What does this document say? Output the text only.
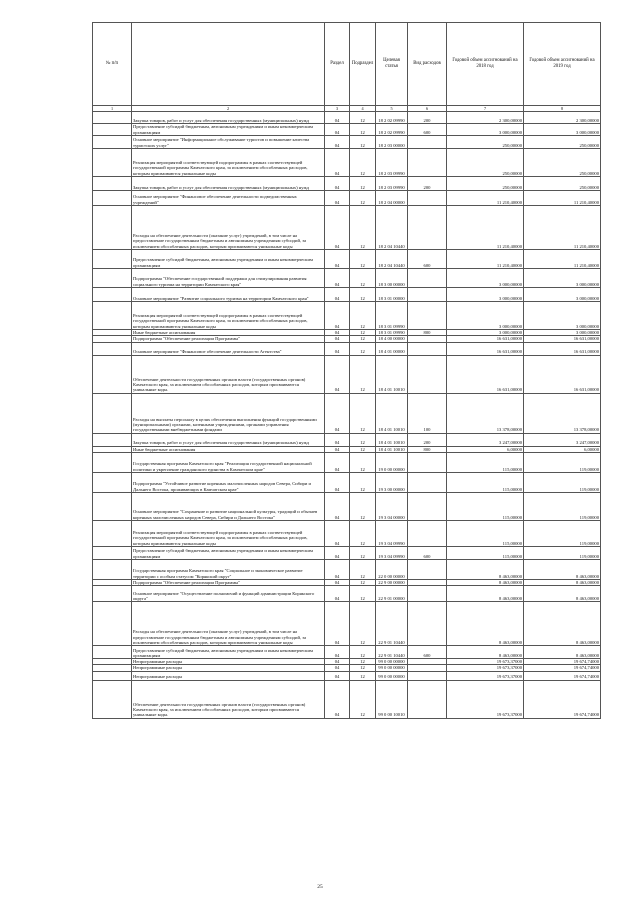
№ п/п		Раздел	Подраздел	Целевая статья	Вид расходов	Годовой объем ассигнований на 2018 год	Годовой объем ассигнований на 2019 год
1	2	3	4	5	6	7	8
	Закупка товаров, работ и услуг для обеспечения государственных (муниципальных) нужд	04	12	18 2 02 09990	200	2 300,00000	2 300,00000
	Предоставление субсидий бюджетным, автономным учреждениям и иным некоммерческим организациям	04	12	18 2 02 09990	600	3 000,00000	3 000,00000
	Основное мероприятие "Информационное обслуживание туристов и повышение качества туристских услуг"	04	12	18 2 03 00000		250,00000	250,00000
	Реализация мероприятий соответствующей подпрограммы в рамках соответствующей государственной программы Камчатского края, за исключением обособленных расходов, которым присваиваются уникальные коды	04	12	18 2 03 09990		250,00000	250,00000
	Закупка товаров, работ и услуг для обеспечения государственных (муниципальных) нужд	04	12	18 2 03 09990	200	250,00000	250,00000
	Основное мероприятие "Финансовое обеспечение деятельности подведомственных учреждений"	04	12	18 2 04 00000		11 210,40000	11 210,40000
	Расходы на обеспечение деятельности (оказание услуг) учреждений, в том числе на предоставление государственным бюджетным и автономным учреждениям субсидий, за исключением обособленных расходов, которым присваиваются уникальные коды	04	12	18 2 04 10440		11 210,40000	11 210,40000
	Предоставление субсидий бюджетным, автономным учреждениям и иным некоммерческим организациям	04	12	18 2 04 10440	600	11 210,40000	11 210,40000
	Подпрограмма "Обеспечение государственной поддержки для стимулирования развития социального туризма на территории Камчатского края"	04	12	18 3 00 00000		3 000,00000	3 000,00000
	Основное мероприятие "Развитие социального туризма на территории Камчатского края"	04	12	18 3 01 00000		3 000,00000	3 000,00000
	Реализация мероприятий соответствующей подпрограммы в рамках соответствующей государственной программы Камчатского края, за исключением обособленных расходов, которым присваиваются уникальные коды	04	12	18 3 01 09990		3 000,00000	3 000,00000
	Иные бюджетные ассигнования	04	12	18 3 01 09990	800	3 000,00000	3 000,00000
	Подпрограмма "Обеспечение реализации Программы"	04	12	18 4 00 00000		16 631,00000	16 631,00000
	Основное мероприятие "Финансовое обеспечение деятельности Агентства"	04	12	18 4 01 00000		16 631,00000	16 631,00000
	Обеспечение деятельности государственных органов власти (государственных органов) Камчатского края, за исключением обособленных расходов, которым присваиваются уникальные коды.	04	12	18 4 01 10010		16 631,00000	16 631,00000
	Расходы на выплаты персоналу в целях обеспечения выполнения функций государственными (муниципальными) органами, казенными учреждениями, органами управления государственными внебюджетными фондами	04	12	18 4 01 10010	100	13 378,00000	13 378,00000
	Закупка товаров, работ и услуг для обеспечения государственных (муниципальных) нужд	04	12	18 4 01 10010	200	3 247,00000	3 247,00000
	Иные бюджетные ассигнования	04	12	18 4 01 10010	800	6,00000	6,00000
	Государственная программа Камчатского края "Реализация государственной национальной политики и укрепление гражданского единства в Камчатском крае"	04	12	19 0 00 00000		115,00000	119,00000
	Подпрограмма "Устойчивое развитие коренных малочисленных народов Севера, Сибири и Дальнего Востока, проживающих в Камчатском крае"	04	12	19 3 00 00000		115,00000	119,00000
	Основное мероприятие "Сохранение и развитие национальной культуры, традиций и обычаев коренных малочисленных народов Севера, Сибири и Дальнего Востока"	04	12	19 3 04 00000		115,00000	119,00000
	Реализация мероприятий соответствующей подпрограммы в рамках соответствующей государственной программы Камчатского края, за исключением обособленных расходов, которым присваиваются уникальные коды	04	12	19 3 04 09990		115,00000	119,00000
	Предоставление субсидий бюджетным, автономным учреждениям и иным некоммерческим организациям	04	12	19 3 04 09990	600	115,00000	119,00000
	Государственная программа Камчатского края "Социальное и экономическое развитие территории с особым статусом "Корякский округ"	04	12	22 0 00 00000		8 463,00000	8 463,00000
	Подпрограмма "Обеспечение реализации Программы"	04	12	22 9 00 00000		8 463,00000	8 463,00000
	Основное мероприятие "Осуществление полномочий и функций администрации Корякского округа"	04	12	22 9 01 00000		8 463,00000	8 463,00000
	Расходы на обеспечение деятельности (оказание услуг) учреждений, в том числе на предоставление государственным бюджетным и автономным учреждениям субсидий, за исключением обособленных расходов, которым присваиваются уникальные коды	04	12	22 9 01 10440		8 463,00000	8 463,00000
	Предоставление субсидий бюджетным, автономным учреждениям и иным некоммерческим организациям	04	12	22 9 01 10440	600	8 463,00000	8 463,00000
	Непрограммные расходы	04	12	99 0 00 00000		19 673,37000	19 674,74000
	Непрограммные расходы	04	12	99 0 00 00000		19 673,37000	19 674,74000
	Непрограммные расходы	04	12	99 0 00 00000		19 673,37000	19 674,74000
	Обеспечение деятельности государственных органов власти (государственных органов) Камчатского края, за исключением обособленных расходов, которым присваиваются уникальные коды.	04	12	99 0 00 10010		19 673,37000	19 674,74000
25
